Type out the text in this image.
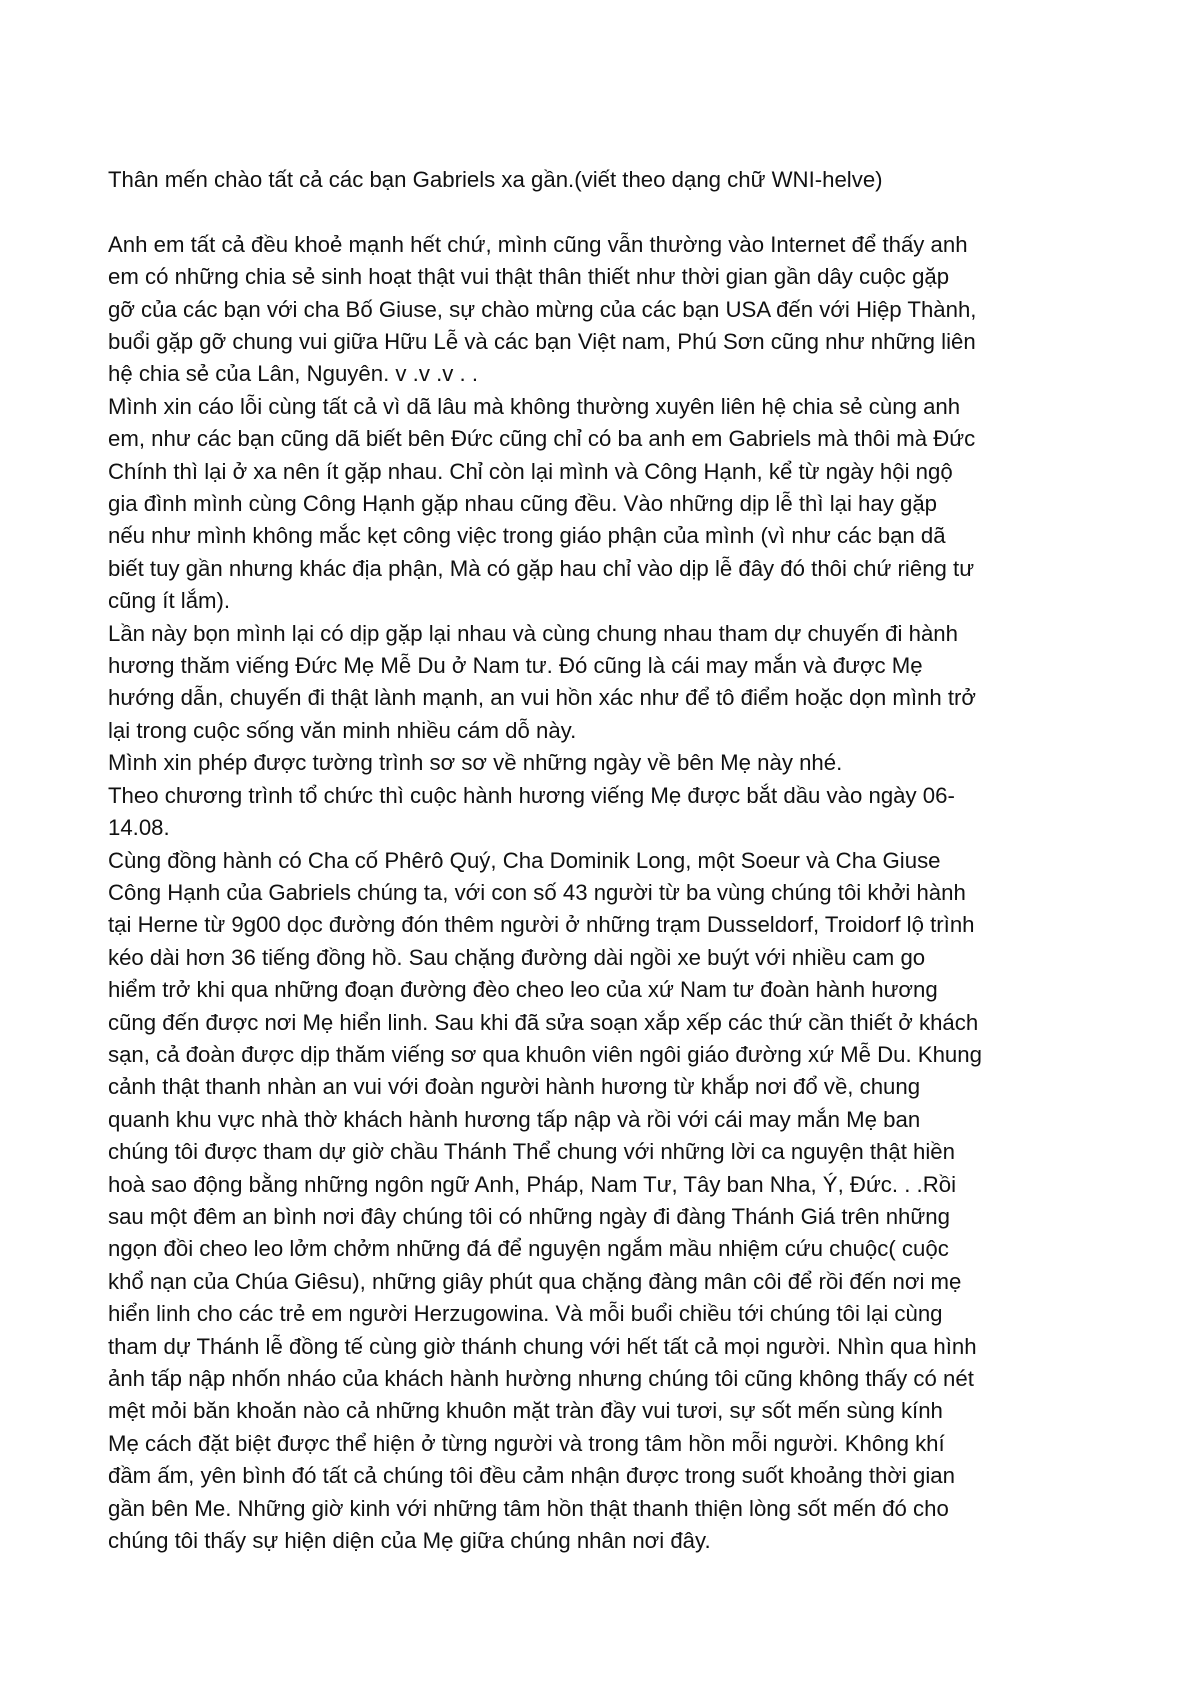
Thân mến chào tất cả các bạn Gabriels xa gần.(viết theo dạng chữ WNI-helve)

Anh em tất cả đều khoẻ mạnh hết chứ, mình cũng vẫn thường vào Internet để thấy anh

em có những chia sẻ sinh hoạt thật vui thật thân thiết như thời gian gần dây cuộc gặp

gỡ của các bạn với cha Bố Giuse, sự chào mừng của các bạn USA đến với Hiệp Thành,

buổi gặp gỡ chung vui giữa Hữu Lễ và các bạn Việt nam, Phú Sơn cũng như những liên

hệ chia sẻ của Lân, Nguyên. v .v .v . .

Mình xin cáo lỗi cùng tất cả vì dã lâu mà không thường xuyên liên hệ chia sẻ cùng anh

em, như các bạn cũng dã biết bên Đức cũng chỉ có ba anh em Gabriels mà thôi mà Đức

Chính thì lại ở xa nên ít gặp nhau. Chỉ còn lại mình và Công Hạnh, kể từ ngày hội ngộ

gia đình mình cùng Công Hạnh gặp nhau cũng đều. Vào những dịp lễ thì lại hay gặp

nếu như mình không mắc kẹt công việc trong giáo phận của mình (vì như các bạn dã

biết tuy gần nhưng khác địa phận, Mà có gặp hau chỉ vào dịp lễ đây đó thôi chứ riêng tư

cũng ít lắm).

Lần này bọn mình lại có dịp gặp lại nhau và cùng chung nhau tham dự chuyến đi hành

hương thăm viếng Đức Mẹ Mễ Du ở Nam tư. Đó cũng là cái may mắn và được Mẹ

hướng dẫn, chuyến đi thật lành mạnh, an vui hồn xác như để tô điểm hoặc dọn mình trở

lại trong cuộc sống văn minh nhiều cám dỗ này.

Mình xin phép được tường trình sơ sơ về những ngày về bên Mẹ này nhé.

Theo chương trình tổ chức thì cuộc hành hương viếng Mẹ được bắt dầu vào ngày 06-

14.08.

Cùng đồng hành có Cha cố Phêrô Quý, Cha Dominik Long, một Soeur và Cha Giuse

Công Hạnh của Gabriels chúng ta, với con số 43 người từ ba vùng chúng tôi khởi hành

tại Herne từ 9g00 dọc đường đón thêm người ở những trạm Dusseldorf, Troidorf lộ trình

kéo dài hơn 36 tiếng đồng hồ. Sau chặng đường dài ngồi xe buýt với nhiều cam go

hiểm trở khi qua những đoạn đường đèo cheo leo của xứ Nam tư đoàn hành hương

cũng đến được nơi Mẹ hiển linh. Sau khi đã sửa soạn xắp xếp các thứ cần thiết ở khách

sạn, cả đoàn được dịp thăm viếng sơ qua khuôn viên ngôi giáo đường xứ Mễ Du. Khung

cảnh thật thanh nhàn an vui với đoàn người hành hương từ khắp nơi đổ về, chung

quanh khu vực nhà thờ khách hành hương tấp nập và rồi với cái may mắn Mẹ ban

chúng tôi được tham dự giờ chầu Thánh Thể chung với những lời ca nguyện thật hiền

hoà sao động bằng những ngôn ngữ Anh, Pháp, Nam Tư, Tây ban Nha, Ý, Đức. . .Rồi

sau một đêm an bình nơi đây chúng tôi có những ngày đi đàng Thánh Giá trên những

ngọn đồi cheo leo lởm chởm những đá để nguyện ngắm mầu nhiệm cứu chuộc( cuộc

khổ nạn của Chúa Giêsu), những giây phút qua chặng đàng mân côi để rồi đến nơi mẹ

hiển linh cho các trẻ em người Herzugowina. Và mỗi buổi chiều tới chúng tôi lại cùng

tham dự Thánh lễ đồng tế cùng giờ thánh chung với hết tất cả mọi người. Nhìn qua hình

ảnh tấp nập nhốn nháo của khách hành hường nhưng chúng tôi cũng không thấy có nét

mệt mỏi băn khoăn nào cả những khuôn mặt tràn đầy vui tươi, sự sốt mến sùng kính

Mẹ cách đặt biệt được thể hiện ở từng người và trong tâm hồn mỗi người. Không khí

đầm ấm, yên bình đó tất cả chúng tôi đều cảm nhận được trong suốt khoảng thời gian

gần bên Me. Những giờ kinh với những tâm hồn thật thanh thiện lòng sốt mến đó cho

chúng tôi thấy sự hiện diện của Mẹ giữa chúng nhân nơi đây.
